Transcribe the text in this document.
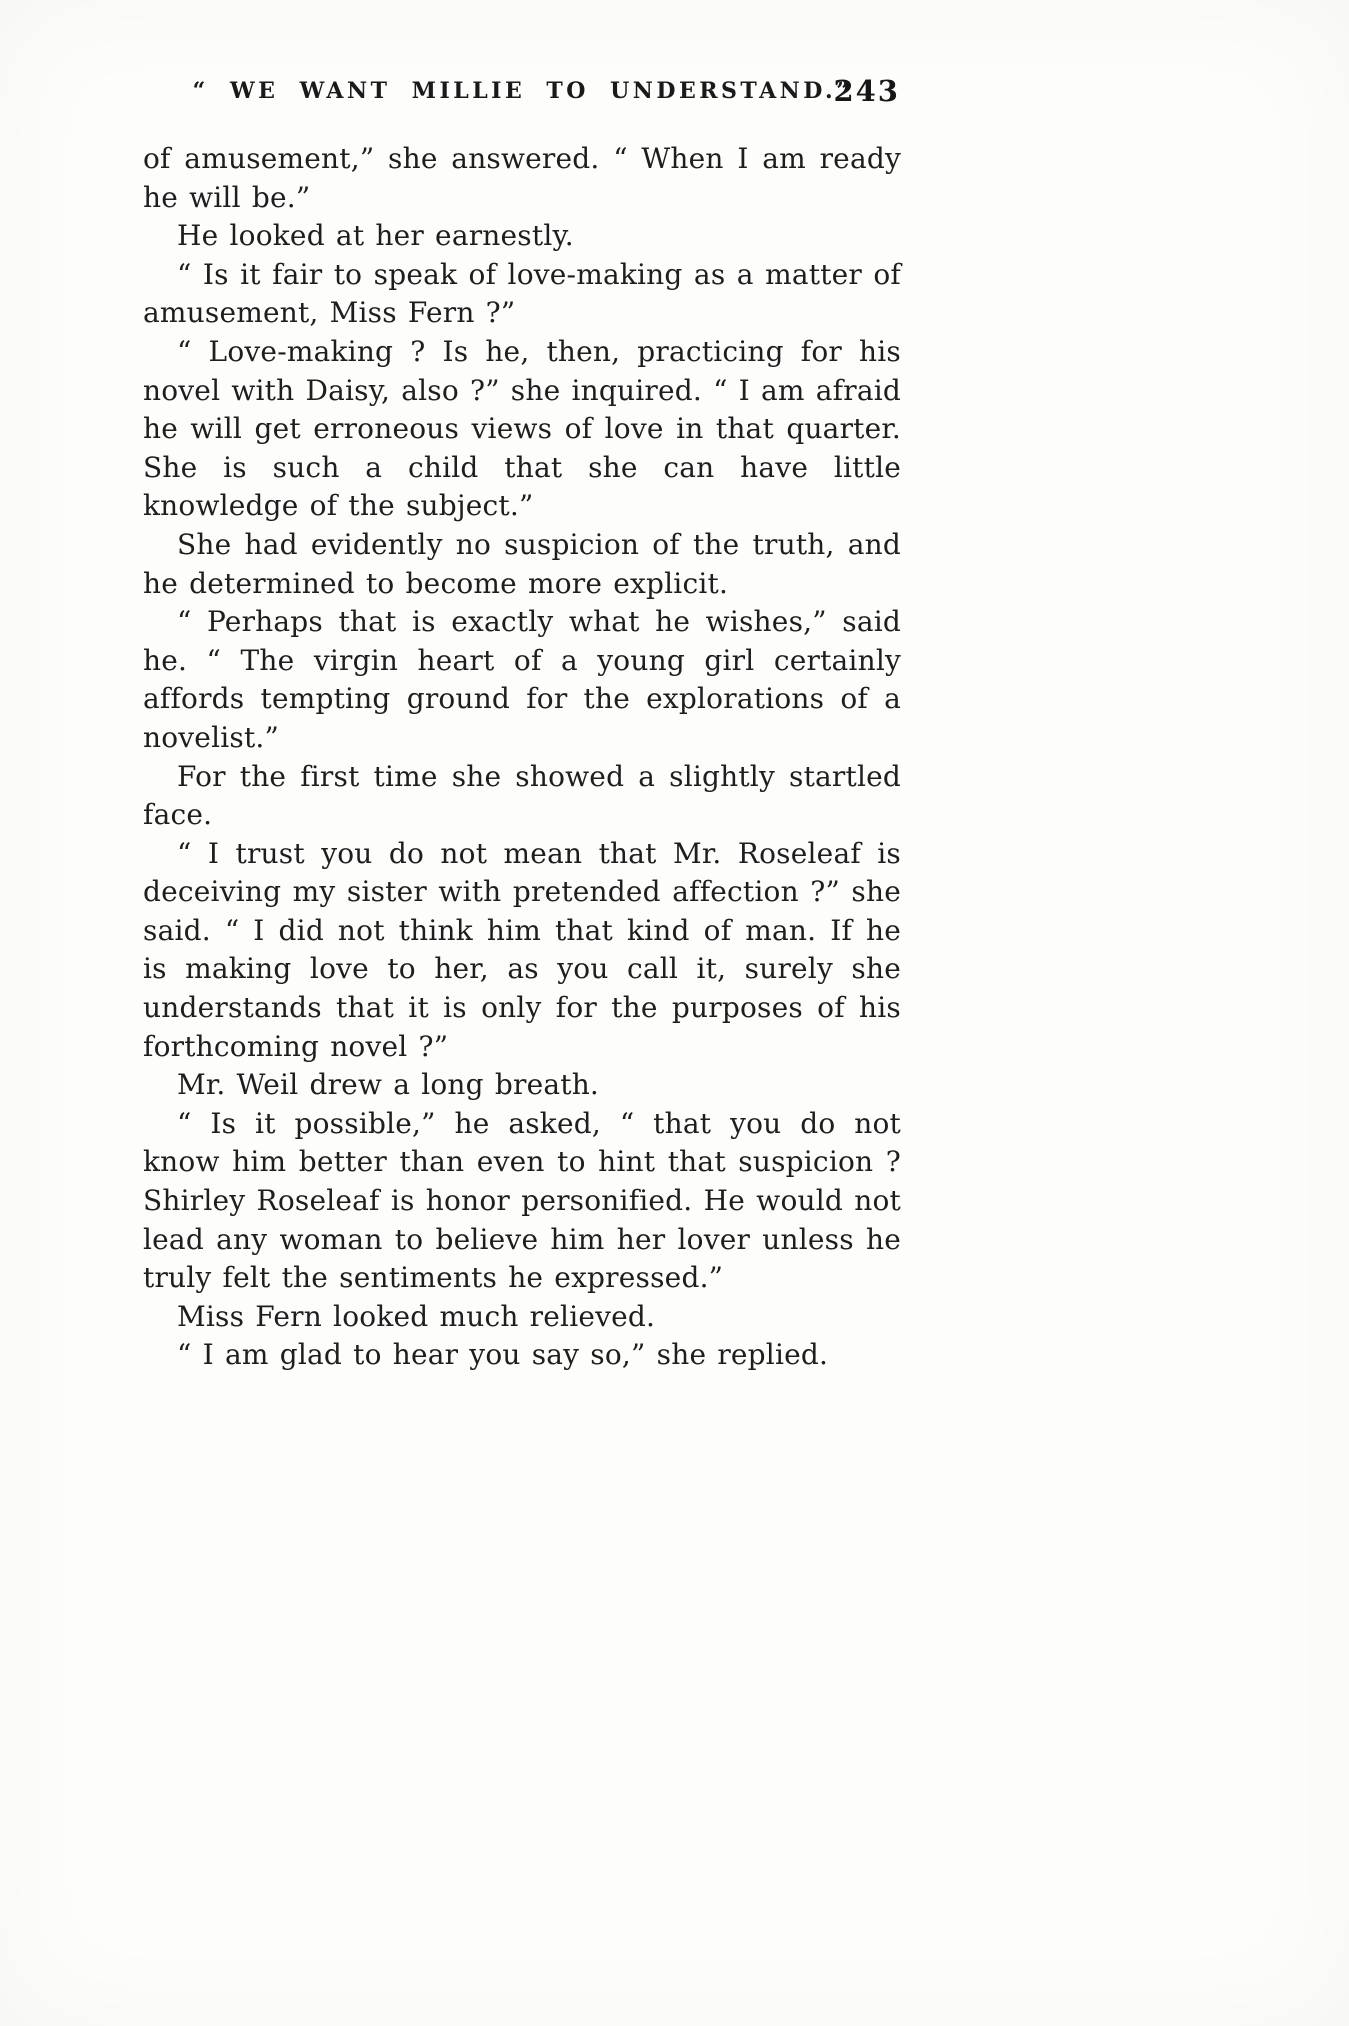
“ WE WANT MILLIE TO UNDERSTAND.”
243

of amusement,” she answered. “ When I am ready he will be.”

He looked at her earnestly.

“ Is it fair to speak of love-making as a matter of amusement, Miss Fern ?”

“ Love-making ? Is he, then, practicing for his novel with Daisy, also ?” she inquired. “ I am afraid he will get erroneous views of love in that quarter. She is such a child that she can have little knowledge of the subject.”

She had evidently no suspicion of the truth, and he determined to become more explicit.

“ Perhaps that is exactly what he wishes,” said he. “ The virgin heart of a young girl certainly affords tempting ground for the explorations of a novelist.”

For the first time she showed a slightly startled face.

“ I trust you do not mean that Mr. Roseleaf is deceiving my sister with pretended affection ?” she said. “ I did not think him that kind of man. If he is making love to her, as you call it, surely she understands that it is only for the purposes of his forthcoming novel ?”

Mr. Weil drew a long breath.

“ Is it possible,” he asked, “ that you do not know him better than even to hint that suspicion ? Shirley Roseleaf is honor personified. He would not lead any woman to believe him her lover unless he truly felt the sentiments he expressed.”

Miss Fern looked much relieved.

“ I am glad to hear you say so,” she replied.
